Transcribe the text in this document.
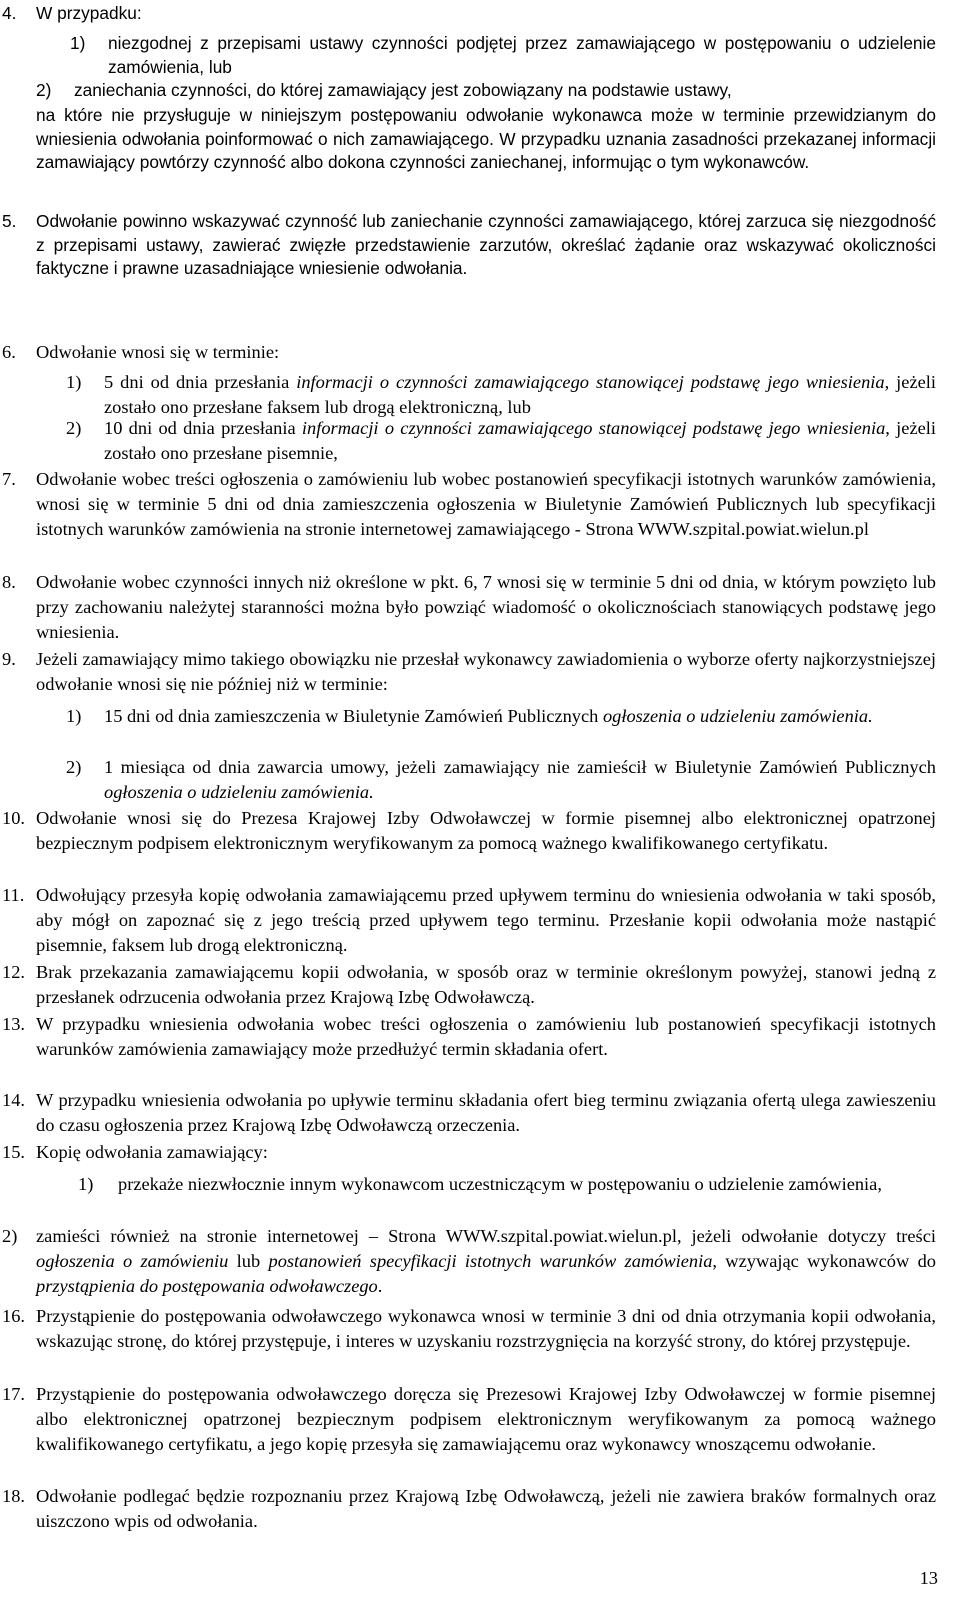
4. W przypadku:
1) niezgodnej z przepisami ustawy czynności podjętej przez zamawiającego w postępowaniu o udzielenie zamówienia, lub
2) zaniechania czynności, do której zamawiający jest zobowiązany na podstawie ustawy,
na które nie przysługuje w niniejszym postępowaniu odwołanie wykonawca może w terminie przewidzianym do wniesienia odwołania poinformować o nich zamawiającego. W przypadku uznania zasadności przekazanej informacji zamawiający powtórzy czynność albo dokona czynności zaniechanej, informując o tym wykonawców.
5. Odwołanie powinno wskazywać czynność lub zaniechanie czynności zamawiającego, której zarzuca się niezgodność z przepisami ustawy, zawierać zwięzłe przedstawienie zarzutów, określać żądanie oraz wskazywać okoliczności faktyczne i prawne uzasadniające wniesienie odwołania.
6. Odwołanie wnosi się w terminie:
1) 5 dni od dnia przesłania informacji o czynności zamawiającego stanowiącej podstawę jego wniesienia, jeżeli zostało ono przesłane faksem lub drogą elektroniczną, lub
2) 10 dni od dnia przesłania informacji o czynności zamawiającego stanowiącej podstawę jego wniesienia, jeżeli zostało ono przesłane pisemnie,
7. Odwołanie wobec treści ogłoszenia o zamówieniu lub wobec postanowień specyfikacji istotnych warunków zamówienia, wnosi się w terminie 5 dni od dnia zamieszczenia ogłoszenia w Biuletynie Zamówień Publicznych lub specyfikacji istotnych warunków zamówienia na stronie internetowej zamawiającego - Strona WWW.szpital.powiat.wielun.pl
8. Odwołanie wobec czynności innych niż określone w pkt. 6, 7 wnosi się w terminie 5 dni od dnia, w którym powzięto lub przy zachowaniu należytej staranności można było powziąć wiadomość o okolicznościach stanowiących podstawę jego wniesienia.
9. Jeżeli zamawiający mimo takiego obowiązku nie przesłał wykonawcy zawiadomienia o wyborze oferty najkorzystniejszej odwołanie wnosi się nie później niż w terminie:
1) 15 dni od dnia zamieszczenia w Biuletynie Zamówień Publicznych ogłoszenia o udzieleniu zamówienia.
2) 1 miesiąca od dnia zawarcia umowy, jeżeli zamawiający nie zamieścił w Biuletynie Zamówień Publicznych ogłoszenia o udzieleniu zamówienia.
10. Odwołanie wnosi się do Prezesa Krajowej Izby Odwoławczej w formie pisemnej albo elektronicznej opatrzonej bezpiecznym podpisem elektronicznym weryfikowanym za pomocą ważnego kwalifikowanego certyfikatu.
11. Odwołujący przesyła kopię odwołania zamawiającemu przed upływem terminu do wniesienia odwołania w taki sposób, aby mógł on zapoznać się z jego treścią przed upływem tego terminu. Przesłanie kopii odwołania może nastąpić pisemnie, faksem lub drogą elektroniczną.
12. Brak przekazania zamawiającemu kopii odwołania, w sposób oraz w terminie określonym powyżej, stanowi jedną z przesłanek odrzucenia odwołania przez Krajową Izbę Odwoławczą.
13. W przypadku wniesienia odwołania wobec treści ogłoszenia o zamówieniu lub postanowień specyfikacji istotnych warunków zamówienia zamawiający może przedłużyć termin składania ofert.
14. W przypadku wniesienia odwołania po upływie terminu składania ofert bieg terminu związania ofertą ulega zawieszeniu do czasu ogłoszenia przez Krajową Izbę Odwoławczą orzeczenia.
15. Kopię odwołania zamawiający:
1) przekaże niezwłocznie innym wykonawcom uczestniczącym w postępowaniu o udzielenie zamówienia,
2) zamieści również na stronie internetowej – Strona WWW.szpital.powiat.wielun.pl, jeżeli odwołanie dotyczy treści ogłoszenia o zamówieniu lub postanowień specyfikacji istotnych warunków zamówienia, wzywając wykonawców do przystąpienia do postępowania odwoławczego.
16. Przystąpienie do postępowania odwoławczego wykonawca wnosi w terminie 3 dni od dnia otrzymania kopii odwołania, wskazując stronę, do której przystępuje, i interes w uzyskaniu rozstrzygnięcia na korzyść strony, do której przystępuje.
17. Przystąpienie do postępowania odwoławczego doręcza się Prezesowi Krajowej Izby Odwoławczej w formie pisemnej albo elektronicznej opatrzonej bezpiecznym podpisem elektronicznym weryfikowanym za pomocą ważnego kwalifikowanego certyfikatu, a jego kopię przesyła się zamawiającemu oraz wykonawcy wnoszącemu odwołanie.
18. Odwołanie podlegać będzie rozpoznaniu przez Krajową Izbę Odwoławczą, jeżeli nie zawiera braków formalnych oraz uiszczono wpis od odwołania.
13
